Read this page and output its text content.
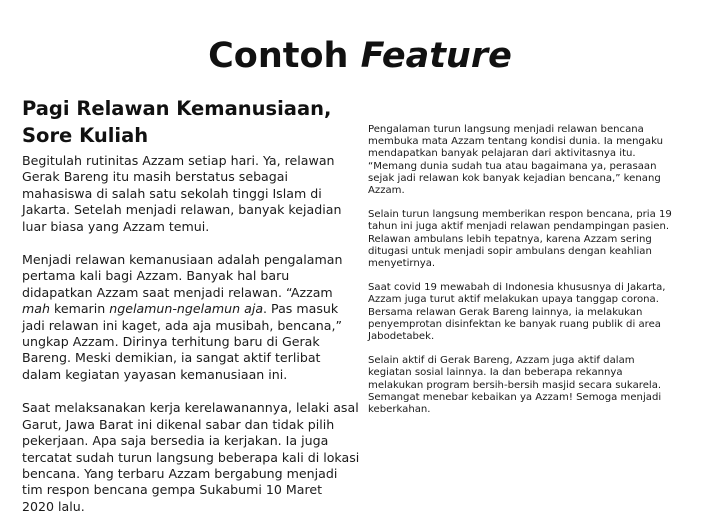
Contoh Feature
Pagi Relawan Kemanusiaan,
Sore Kuliah

Begitulah rutinitas Azzam setiap hari. Ya, relawan
Gerak Bareng itu masih berstatus sebagai
mahasiswa di salah satu sekolah tinggi Islam di
Jakarta. Setelah menjadi relawan, banyak kejadian
luar biasa yang Azzam temui.

Menjadi relawan kemanusiaan adalah pengalaman
pertama kali bagi Azzam. Banyak hal baru
didapatkan Azzam saat menjadi relawan. “Azzam
mah kemarin ngelamun-ngelamun aja. Pas masuk
jadi relawan ini kaget, ada aja musibah, bencana,”
ungkap Azzam. Dirinya terhitung baru di Gerak
Bareng. Meski demikian, ia sangat aktif terlibat
dalam kegiatan yayasan kemanusiaan ini.

Saat melaksanakan kerja kerelawanannya, lelaki asal
Garut, Jawa Barat ini dikenal sabar dan tidak pilih
pekerjaan. Apa saja bersedia ia kerjakan. Ia juga
tercatat sudah turun langsung beberapa kali di lokasi
bencana. Yang terbaru Azzam bergabung menjadi
tim respon bencana gempa Sukabumi 10 Maret
2020 lalu.

Pengalaman turun langsung menjadi relawan bencana
membuka mata Azzam tentang kondisi dunia. Ia mengaku
mendapatkan banyak pelajaran dari aktivitasnya itu.
“Memang dunia sudah tua atau bagaimana ya, perasaan
sejak jadi relawan kok banyak kejadian bencana,” kenang
Azzam.

Selain turun langsung memberikan respon bencana, pria 19
tahun ini juga aktif menjadi relawan pendampingan pasien.
Relawan ambulans lebih tepatnya, karena Azzam sering
ditugasi untuk menjadi sopir ambulans dengan keahlian
menyetirnya.

Saat covid 19 mewabah di Indonesia khususnya di Jakarta,
Azzam juga turut aktif melakukan upaya tanggap corona.
Bersama relawan Gerak Bareng lainnya, ia melakukan
penyemprotan disinfektan ke banyak ruang publik di area
Jabodetabek.

Selain aktif di Gerak Bareng, Azzam juga aktif dalam
kegiatan sosial lainnya. Ia dan beberapa rekannya
melakukan program bersih-bersih masjid secara sukarela.
Semangat menebar kebaikan ya Azzam! Semoga menjadi
keberkahan.
